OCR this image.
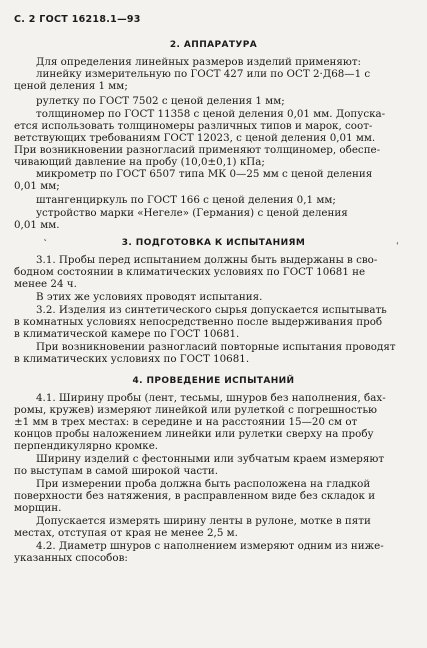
С. 2 ГОСТ 16218.1—93
2. АППАРАТУРА
Для определения линейных размеров изделий применяют:
линейку измерительную по ГОСТ 427 или по ОСТ 2·Д68—1 с
ценой деления 1 мм;
рулетку по ГОСТ 7502 с ценой деления 1 мм;
толщиномер по ГОСТ 11358 с ценой деления 0,01 мм. Допуска-
ется использовать толщиномеры различных типов и марок, соот-
ветствующих требованиям ГОСТ 12023, с ценой деления 0,01 мм.
При возникновении разногласий применяют толщиномер, обеспе-
чивающий давление на пробу (10,0±0,1) кПа;
микрометр по ГОСТ 6507 типа МК 0—25 мм с ценой деления
0,01 мм;
штангенциркуль по ГОСТ 166 с ценой деления 0,1 мм;
устройство марки «Негеле» (Германия) с ценой деления
0,01 мм.
˛
3. ПОДГОТОВКА К ИСПЫТАНИЯМ	ˌ
3.1. Пробы перед испытанием должны быть выдержаны в сво-
бодном состоянии в климатических условиях по ГОСТ 10681 не
менее 24 ч.
В этих же условиях проводят испытания.
3.2. Изделия из синтетического сырья допускается испытывать
в комнатных условиях непосредственно после выдерживания проб
в климатической камере по ГОСТ 10681.
При возникновении разногласий повторные испытания проводят
в климатических условиях по ГОСТ 10681.
4. ПРОВЕДЕНИЕ ИСПЫТАНИЙ
4.1. Ширину пробы (лент, тесьмы, шнуров без наполнения, бах-
ромы, кружев) измеряют линейкой или рулеткой с погрешностью
±1 мм в трех местах: в середине и на расстоянии 15—20 см от
концов пробы наложением линейки или рулетки сверху на пробу
перпендикулярно кромке.
Ширину изделий с фестонными или зубчатым краем измеряют
по выступам в самой широкой части.
При измерении проба должна быть расположена на гладкой
поверхности без натяжения, в расправленном виде без складок и
морщин.
Допускается измерять ширину ленты в рулоне, мотке в пяти
местах, отступая от края не менее 2,5 м.
4.2. Диаметр шнуров с наполнением измеряют одним из ниже-
указанных способов:
